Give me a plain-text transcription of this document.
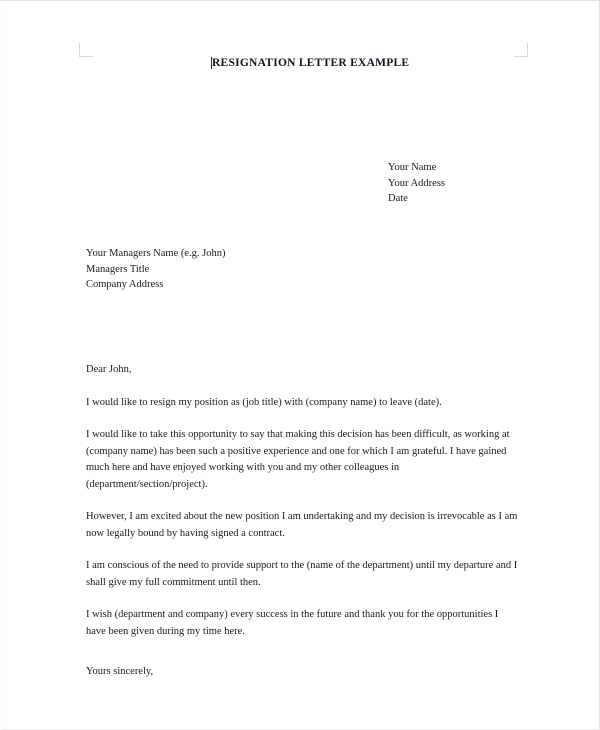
RESIGNATION LETTER EXAMPLE
Your Name
Your Address
Date
Your Managers Name (e.g. John)
Managers Title
Company Address

Dear John,

I would like to resign my position as (job title) with (company name) to leave (date).

I would like to take this opportunity to say that making this decision has been difficult, as working at (company name) has been such a positive experience and one for which I am grateful. I have gained much here and have enjoyed working with you and my other colleagues in (department/section/project).

However, I am excited about the new position I am undertaking and my decision is irrevocable as I am now legally bound by having signed a contract.

I am conscious of the need to provide support to the (name of the department) until my departure and I shall give my full commitment until then.

I wish (department and company) every success in the future and thank you for the opportunities I have been given during my time here.

Yours sincerely,
